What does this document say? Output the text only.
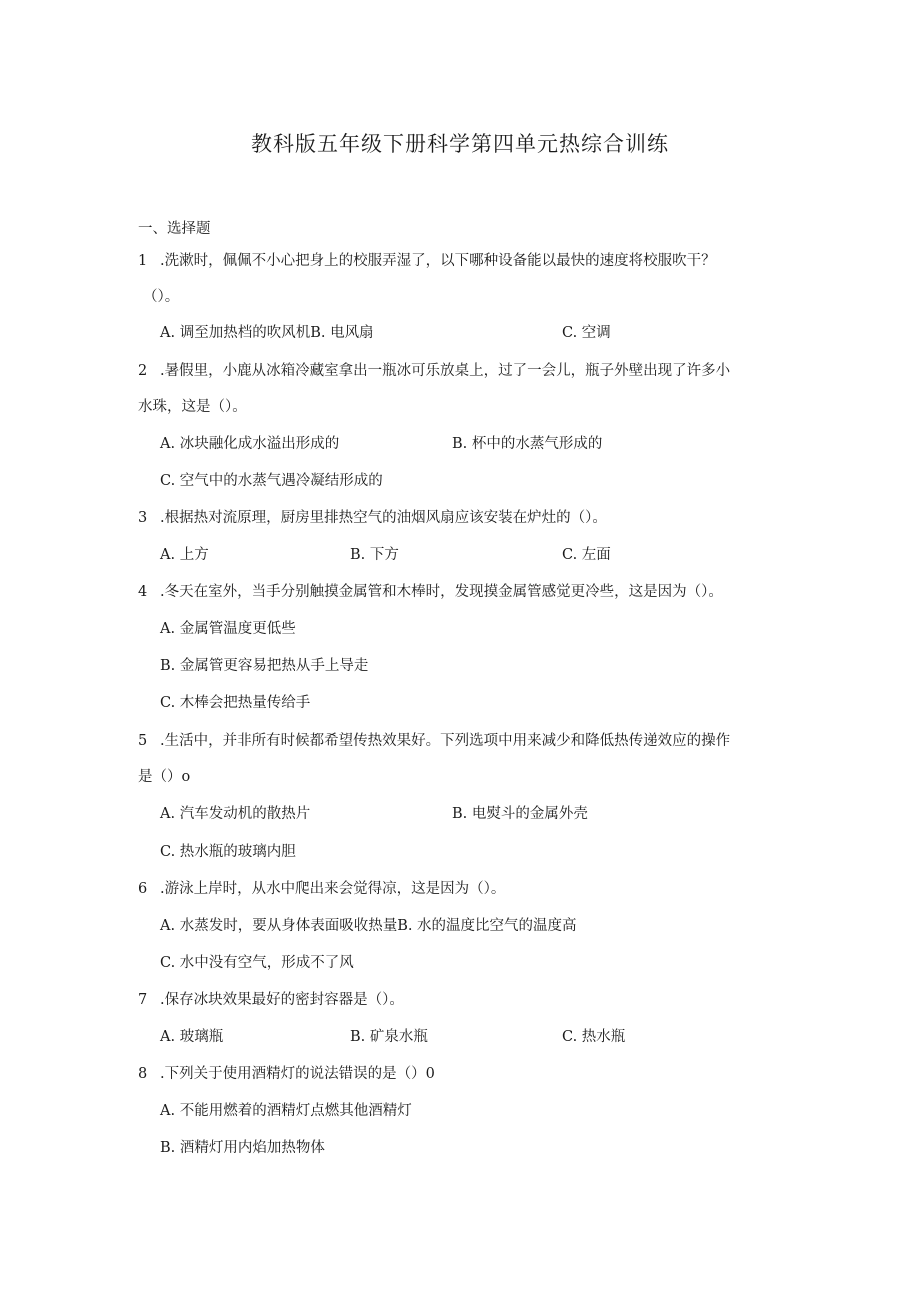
教科版五年级下册科学第四单元热综合训练
一、选择题
1 .洗漱时，佩佩不小心把身上的校服弄湿了，以下哪种设备能以最快的速度将校服吹干？
（）。
A. 调至加热档的吹风机B. 电风扇	C. 空调
2 .暑假里，小鹿从冰箱冷藏室拿出一瓶冰可乐放桌上，过了一会儿，瓶子外壁出现了许多小
水珠，这是（）。
A. 冰块融化成水溢出形成的	B. 杯中的水蒸气形成的
C. 空气中的水蒸气遇冷凝结形成的
3 .根据热对流原理，厨房里排热空气的油烟风扇应该安装在炉灶的（）。
A. 上方	B. 下方	C. 左面
4 .冬天在室外，当手分别触摸金属管和木棒时，发现摸金属管感觉更冷些，这是因为（）。
A. 金属管温度更低些
B. 金属管更容易把热从手上导走
C. 木棒会把热量传给手
5 .生活中，并非所有时候都希望传热效果好。下列选项中用来减少和降低热传递效应的操作
是（）o
A. 汽车发动机的散热片	B. 电熨斗的金属外壳
C. 热水瓶的玻璃内胆
6 .游泳上岸时，从水中爬出来会觉得凉，这是因为（）。
A. 水蒸发时，要从身体表面吸收热量B. 水的温度比空气的温度高
C. 水中没有空气，形成不了风
7 .保存冰块效果最好的密封容器是（）。
A. 玻璃瓶	B. 矿泉水瓶	C. 热水瓶
8 .下列关于使用酒精灯的说法错误的是（）0
A. 不能用燃着的酒精灯点燃其他酒精灯
B. 酒精灯用内焰加热物体
